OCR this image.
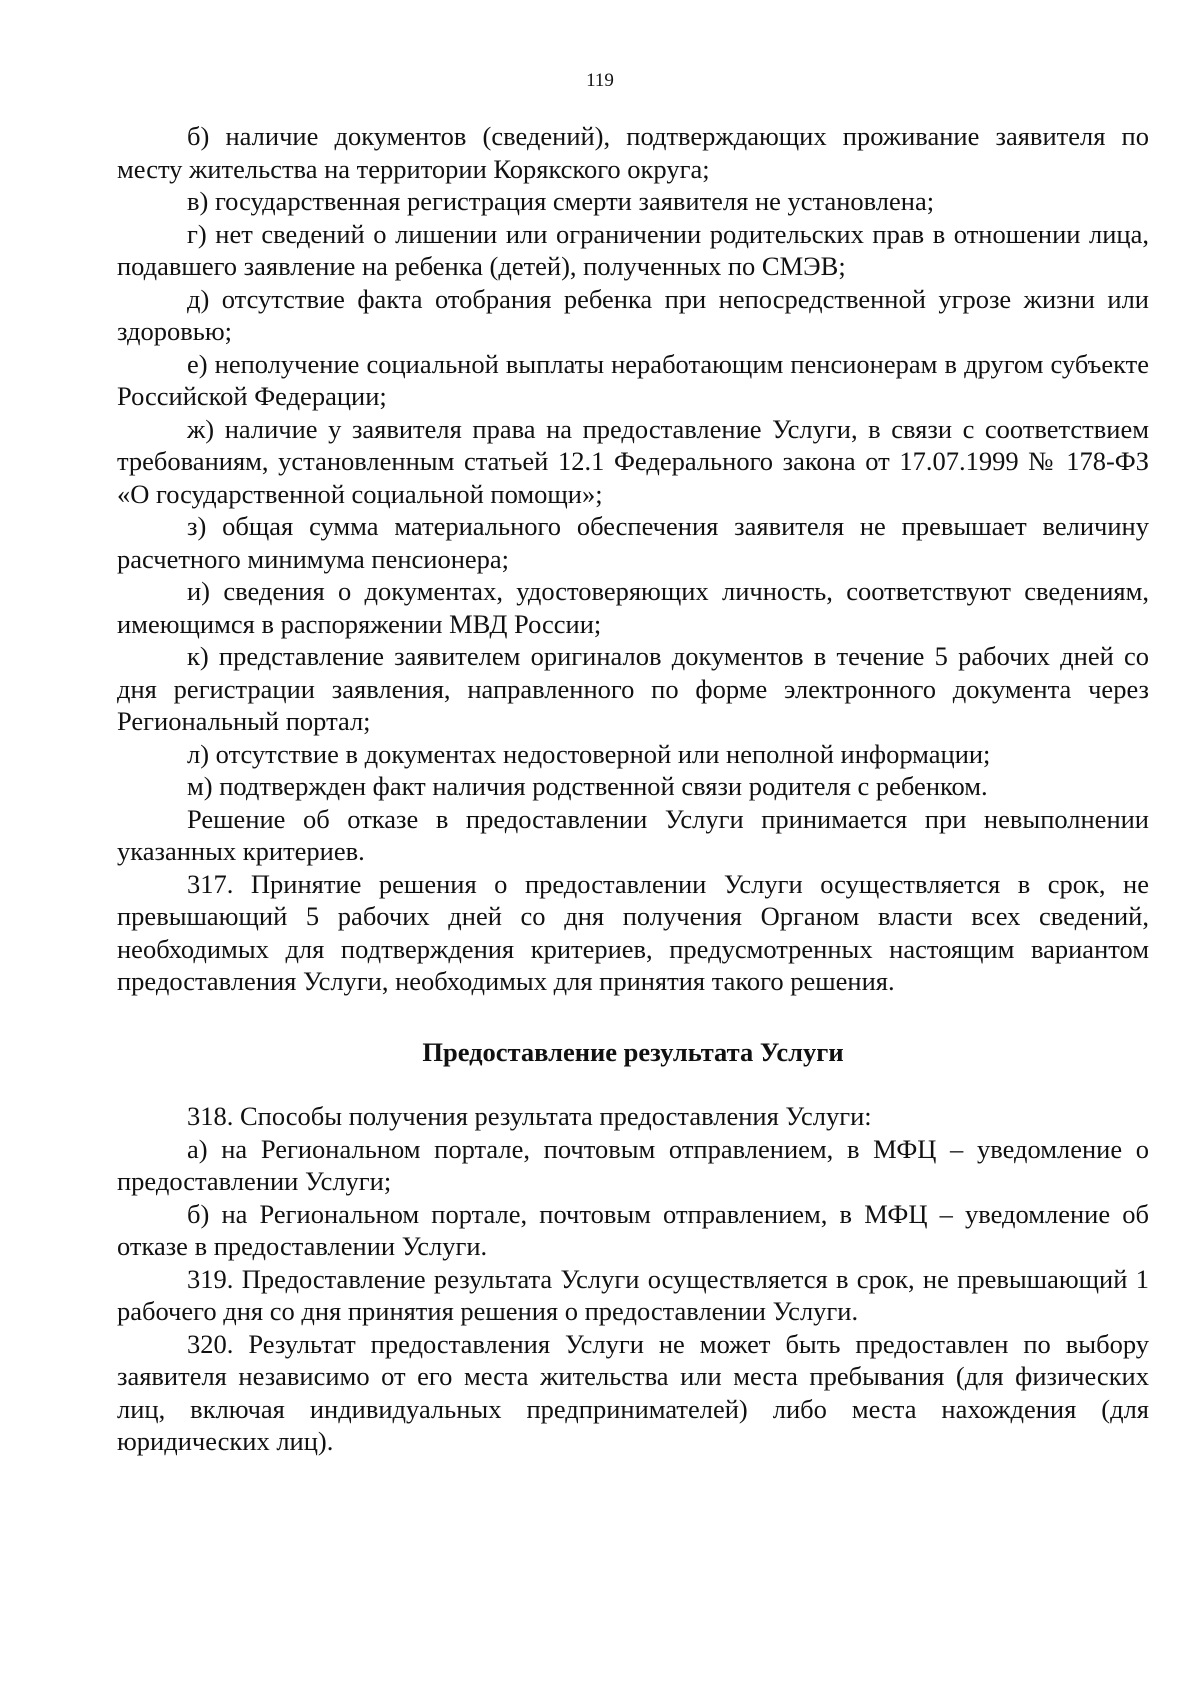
119

б) наличие документов (сведений), подтверждающих проживание заявителя по месту жительства на территории Корякского округа;

в) государственная регистрация смерти заявителя не установлена;

г) нет сведений о лишении или ограничении родительских прав в отношении лица, подавшего заявление на ребенка (детей), полученных по СМЭВ;

д) отсутствие факта отобрания ребенка при непосредственной угрозе жизни или здоровью;

е) неполучение социальной выплаты неработающим пенсионерам в другом субъекте Российской Федерации;

ж) наличие у заявителя права на предоставление Услуги, в связи с соответствием требованиям, установленным статьей 12.1 Федерального закона от 17.07.1999 № 178-ФЗ «О государственной социальной помощи»;

з) общая сумма материального обеспечения заявителя не превышает величину расчетного минимума пенсионера;

и) сведения о документах, удостоверяющих личность, соответствуют сведениям, имеющимся в распоряжении МВД России;

к) представление заявителем оригиналов документов в течение 5 рабочих дней со дня регистрации заявления, направленного по форме электронного документа через Региональный портал;

л) отсутствие в документах недостоверной или неполной информации;

м) подтвержден факт наличия родственной связи родителя с ребенком.

Решение об отказе в предоставлении Услуги принимается при невыполнении указанных критериев.

317. Принятие решения о предоставлении Услуги осуществляется в срок, не превышающий 5 рабочих дней со дня получения Органом власти всех сведений, необходимых для подтверждения критериев, предусмотренных настоящим вариантом предоставления Услуги, необходимых для принятия такого решения.

Предоставление результата Услуги

318. Способы получения результата предоставления Услуги:

а) на Региональном портале, почтовым отправлением, в МФЦ – уведомление о предоставлении Услуги;

б) на Региональном портале, почтовым отправлением, в МФЦ – уведомление об отказе в предоставлении Услуги.

319. Предоставление результата Услуги осуществляется в срок, не превышающий 1 рабочего дня со дня принятия решения о предоставлении Услуги.

320. Результат предоставления Услуги не может быть предоставлен по выбору заявителя независимо от его места жительства или места пребывания (для физических лиц, включая индивидуальных предпринимателей) либо места нахождения (для юридических лиц).
